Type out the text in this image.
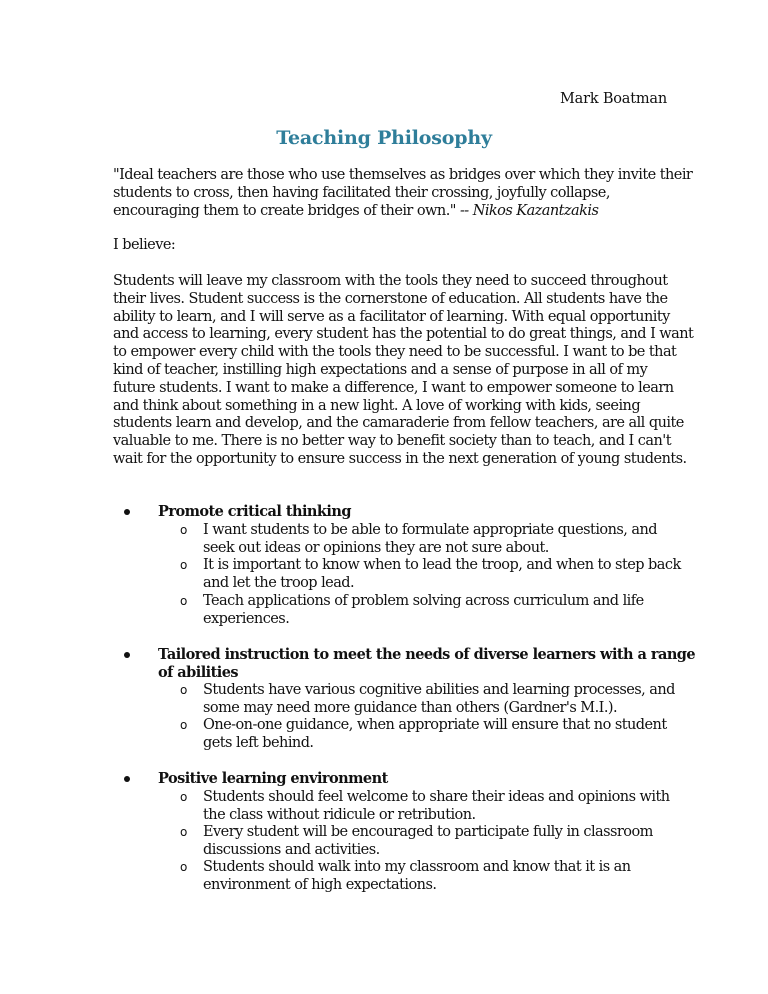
Mark Boatman
Teaching Philosophy
"Ideal teachers are those who use themselves as bridges over which they invite their
students to cross, then having facilitated their crossing, joyfully collapse,
encouraging them to create bridges of their own." -- Nikos Kazantzakis
I believe:
Students will leave my classroom with the tools they need to succeed throughout
their lives. Student success is the cornerstone of education. All students have the
ability to learn, and I will serve as a facilitator of learning. With equal opportunity
and access to learning, every student has the potential to do great things, and I want
to empower every child with the tools they need to be successful. I want to be that
kind of teacher, instilling high expectations and a sense of purpose in all of my
future students. I want to make a difference, I want to empower someone to learn
and think about something in a new light. A love of working with kids, seeing
students learn and develop, and the camaraderie from fellow teachers, are all quite
valuable to me. There is no better way to benefit society than to teach, and I can't
wait for the opportunity to ensure success in the next generation of young students.
Promote critical thinking
o I want students to be able to formulate appropriate questions, and
seek out ideas or opinions they are not sure about.
o It is important to know when to lead the troop, and when to step back
and let the troop lead.
o Teach applications of problem solving across curriculum and life
experiences.
Tailored instruction to meet the needs of diverse learners with a range
of abilities
o Students have various cognitive abilities and learning processes, and
some may need more guidance than others (Gardner's M.I.).
o One-on-one guidance, when appropriate will ensure that no student
gets left behind.
Positive learning environment
o Students should feel welcome to share their ideas and opinions with
the class without ridicule or retribution.
o Every student will be encouraged to participate fully in classroom
discussions and activities.
o Students should walk into my classroom and know that it is an
environment of high expectations.
